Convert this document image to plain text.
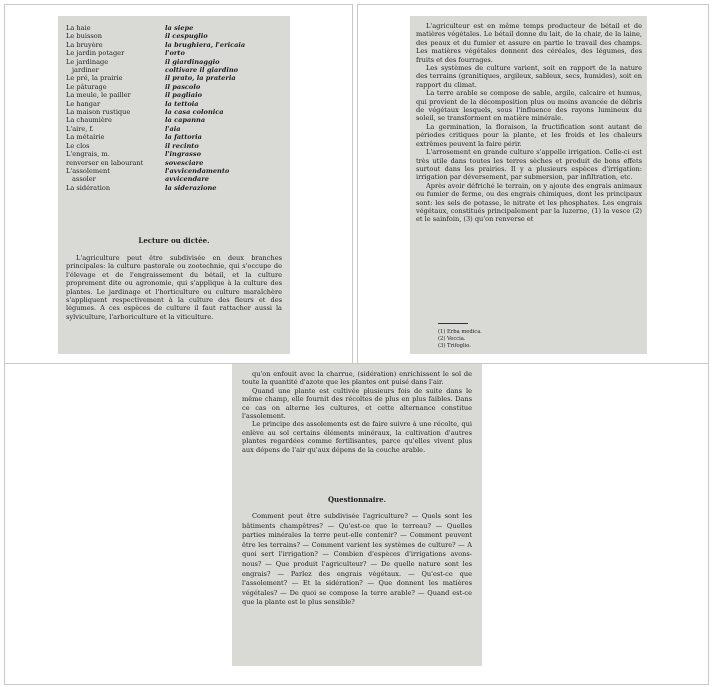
La haie	la siepe
Le buisson	il cespuglio
La bruyère	la brughiera, l'ericaia
Le jardin potager	l'orto
Le jardinage	il giardinaggio
jardiner	coltivare il giardino
Le pré, la prairie	il prato, la prateria
Le pâturage	il pascolo
La meule, le pailler	il pagliaio
Le hangar	la tettoia
La maison rustique	la casa colonica
La chaumière	la capanna
L'aire, f.	l'aia
La métairie	la fattoria
Le clos	il recinto
L'engrais, m.	l'ingrasso
renverser en labourant	sovesciare
L'assolement	l'avvicendamento
assoler	avvicendare
La sidération	la siderazione

Lecture ou dictée.

L'agriculture peut être subdivisée en deux branches principales: la culture pastorale ou zootechnie, qui s'occupe de l'élevage et de l'engraissement du bétail, et la culture proprement dite ou agronomie, qui s'applique à la culture des plantes. Le jardinage et l'horticulture ou culture maraîchère s'appliquent respectivement à la culture des fleurs et des légumes. A ces espèces de culture il faut rattacher aussi la sylviculture, l'arboriculture et la viticulture.

L'agriculteur est en même temps producteur de bétail et de matières végétales. Le bétail donne du lait, de la chair, de la laine, des peaux et du fumier et assure en partie le travail des champs. Les matières végétales donnent des céréales, des légumes, des fruits et des fourrages.

Les systèmes de culture varient, soit en rapport de la nature des terrains (granitiques, argileux, sableux, secs, humides), soit en rapport du climat.

La terre arable se compose de sable, argile, calcaire et humus, qui provient de la décomposition plus ou moins avancée de débris de végétaux lesquels, sous l'influence des rayons lumineux du soleil, se transforment en matière minérale.

La germination, la floraison, la fructification sont autant de périodes critiques pour la plante, et les froids et les chaleurs extrêmes peuvent la faire périr.

L'arrosement en grande culture s'appelle irrigation. Celle-ci est très utile dans toutes les terres sèches et produit de bons effets surtout dans les prairies. Il y a plusieurs espèces d'irrigation: irrigation par déversement, par submersion, par infiltration, etc.

Après avoir défriché le terrain, on y ajoute des engrais animaux ou fumier de ferme, ou des engrais chimiques, dont les principaux sont: les sels de potasse, le nitrate et les phosphates. Les engrais végétaux, constitués principalement par la luzerne, (1) la vesce (2) et le sainfoin, (3) qu'on renverse et

(1) Erba medica.
(2) Veccia.
(3) Trifoglio.

qu'on enfouit avec la charrue, (sidération) enrichissent le sol de toute la quantité d'azote que les plantes ont puisé dans l'air.

Quand une plante est cultivée plusieurs fois de suite dans le même champ, elle fournit des récoltes de plus en plus faibles. Dans ce cas on alterne les cultures, et cette alternance constitue l'assolement.

Le principe des assolements est de faire suivre à une récolte, qui enlève au sol certains éléments minéraux, la cultivation d'autres plantes regardées comme fertilisantes, parce qu'elles vivent plus aux dépens de l'air qu'aux dépens de la couche arable.

Questionnaire.

Comment peut être subdivisée l'agriculture? — Quels sont les bâtiments champêtres? — Qu'est-ce que le terreau? — Quelles parties minérales la terre peut-elle contenir? — Comment peuvent être les terrains? — Comment varient les systèmes de culture? — A quoi sert l'irrigation? — Combien d'espèces d'irrigations avons-nous? — Que produit l'agriculteur? — De quelle nature sont les engrais? — Parlez des engrais végétaux. — Qu'est-ce que l'assolement? — Et la sidération? — Que donnent les matières végétales? — De quoi se compose la terre arable? — Quand est-ce que la plante est le plus sensible?
